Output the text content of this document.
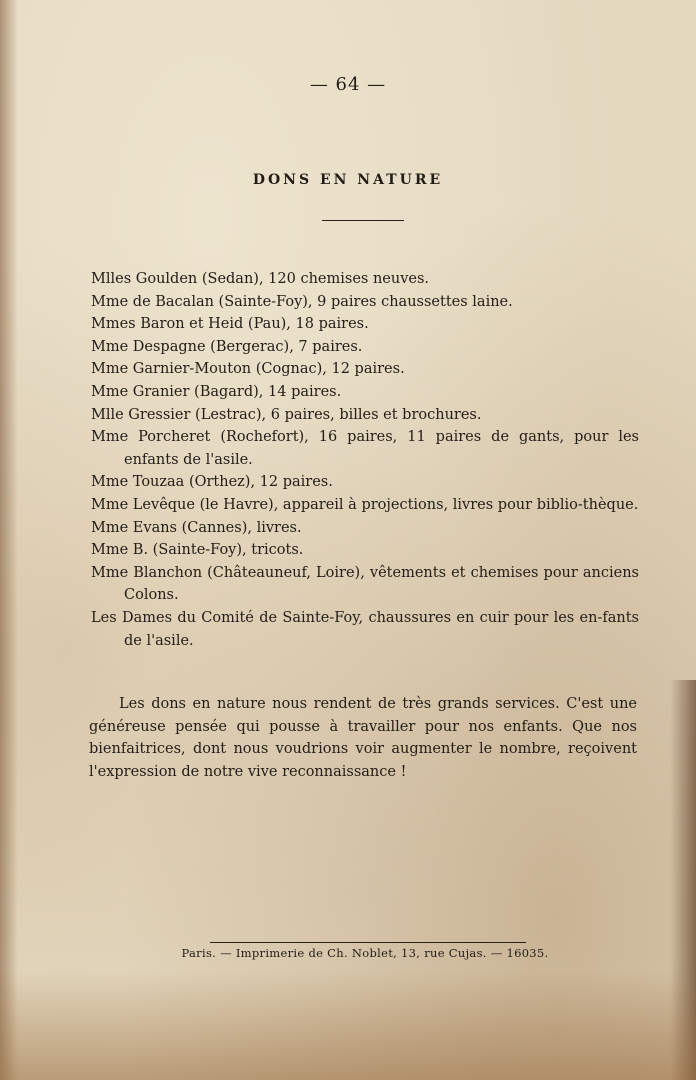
— 64 —
DONS EN NATURE
Mlles Goulden (Sedan), 120 chemises neuves.
Mme de Bacalan (Sainte-Foy), 9 paires chaussettes laine.
Mmes Baron et Heid (Pau), 18 paires.
Mme Despagne (Bergerac), 7 paires.
Mme Garnier-Mouton (Cognac), 12 paires.
Mme Granier (Bagard), 14 paires.
Mlle Gressier (Lestrac), 6 paires, billes et brochures.
Mme Porcheret (Rochefort), 16 paires, 11 paires de gants, pour les enfants de l'asile.
Mme Touzaa (Orthez), 12 paires.
Mme Levêque (le Havre), appareil à projections, livres pour biblio-thèque.
Mme Evans (Cannes), livres.
Mme B. (Sainte-Foy), tricots.
Mme Blanchon (Châteauneuf, Loire), vêtements et chemises pour anciens Colons.
Les Dames du Comité de Sainte-Foy, chaussures en cuir pour les en-fants de l'asile.

Les dons en nature nous rendent de très grands services. C'est une généreuse pensée qui pousse à travailler pour nos enfants. Que nos bienfaitrices, dont nous voudrions voir augmenter le nombre, reçoivent l'expression de notre vive reconnaissance !

Paris. — Imprimerie de Ch. Noblet, 13, rue Cujas. — 16035.
